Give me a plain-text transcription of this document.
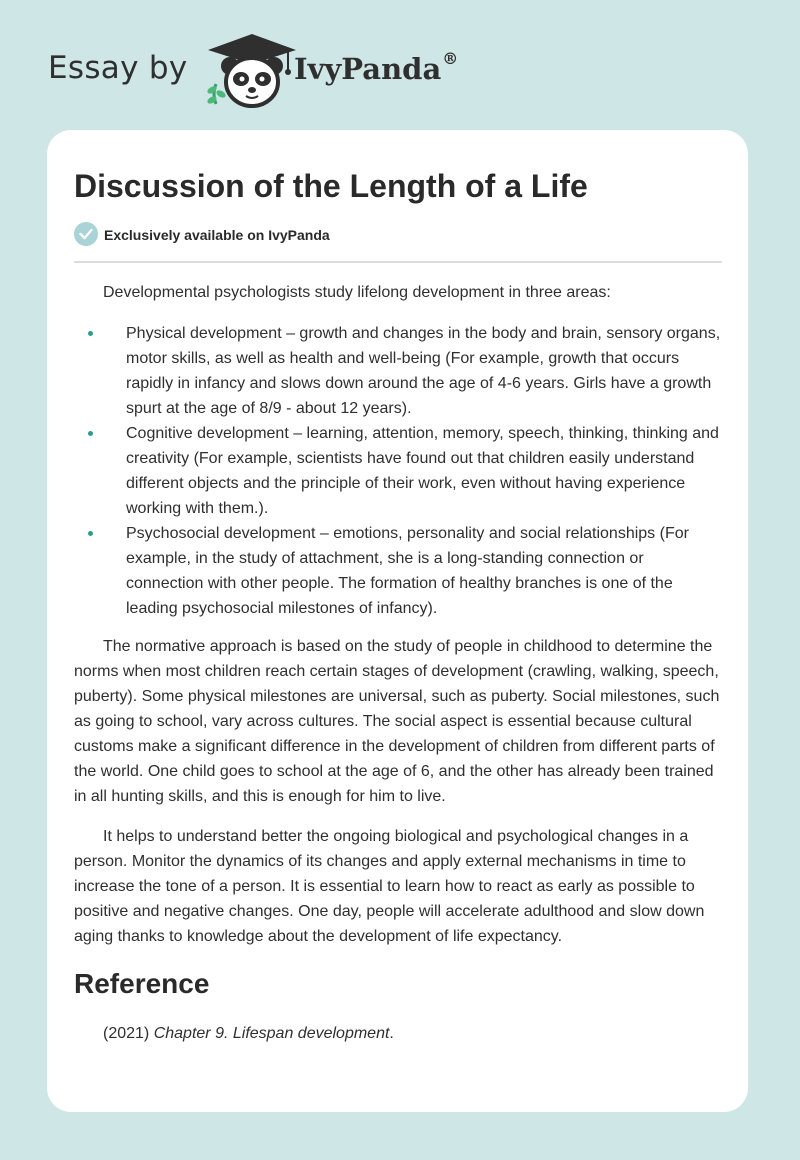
Essay by	IvyPanda®
Discussion of the Length of a Life
Exclusively available on IvyPanda

Developmental psychologists study lifelong development in three areas:

Physical development – growth and changes in the body and brain, sensory organs, motor skills, as well as health and well-being (For example, growth that occurs rapidly in infancy and slows down around the age of 4-6 years. Girls have a growth spurt at the age of 8/9 - about 12 years).
Cognitive development – learning, attention, memory, speech, thinking, thinking and creativity (For example, scientists have found out that children easily understand different objects and the principle of their work, even without having experience working with them.).
Psychosocial development – emotions, personality and social relationships (For example, in the study of attachment, she is a long-standing connection or connection with other people. The formation of healthy branches is one of the leading psychosocial milestones of infancy).

The normative approach is based on the study of people in childhood to determine the norms when most children reach certain stages of development (crawling, walking, speech, puberty). Some physical milestones are universal, such as puberty. Social milestones, such as going to school, vary across cultures. The social aspect is essential because cultural customs make a significant difference in the development of children from different parts of the world. One child goes to school at the age of 6, and the other has already been trained in all hunting skills, and this is enough for him to live.

It helps to understand better the ongoing biological and psychological changes in a person. Monitor the dynamics of its changes and apply external mechanisms in time to increase the tone of a person. It is essential to learn how to react as early as possible to positive and negative changes. One day, people will accelerate adulthood and slow down aging thanks to knowledge about the development of life expectancy.

Reference

(2021) Chapter 9. Lifespan development.
